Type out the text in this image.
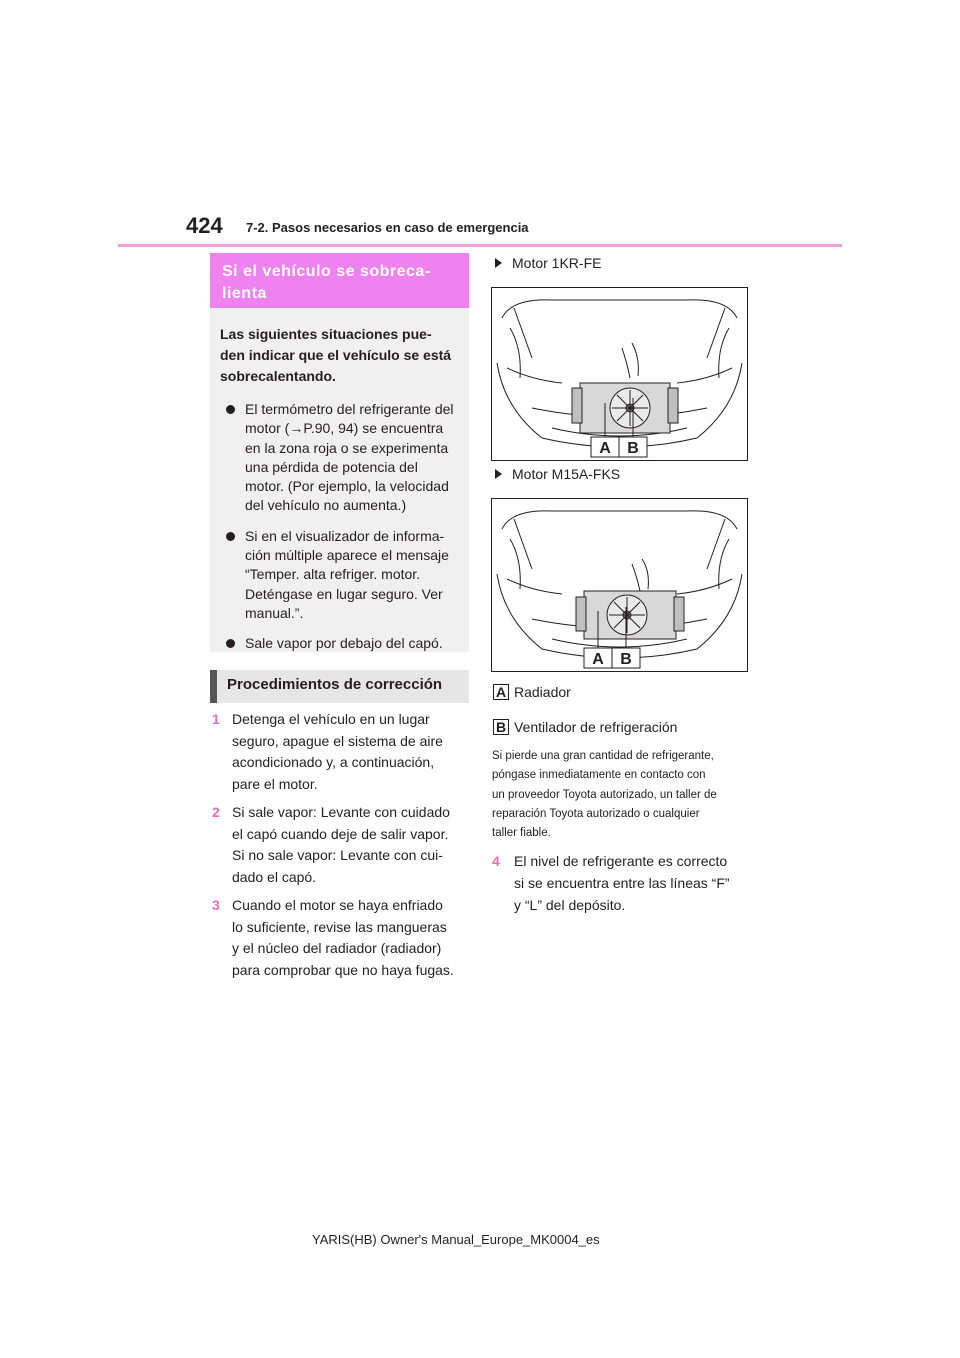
424 7-2. Pasos necesarios en caso de emergencia
Si el vehículo se sobreca-
lienta
Las siguientes situaciones pue-
den indicar que el vehículo se está
sobrecalentando.
El termómetro del refrigerante del
motor (→P.90, 94) se encuentra
en la zona roja o se experimenta
una pérdida de potencia del
motor. (Por ejemplo, la velocidad
del vehículo no aumenta.)
Si en el visualizador de informa-
ción múltiple aparece el mensaje
“Temper. alta refriger. motor.
Deténgase en lugar seguro. Ver
manual.”.
Sale vapor por debajo del capó.
Procedimientos de corrección
1 Detenga el vehículo en un lugar
seguro, apague el sistema de aire
acondicionado y, a continuación,
pare el motor.
2 Si sale vapor: Levante con cuidado
el capó cuando deje de salir vapor.
Si no sale vapor: Levante con cui-
dado el capó.
3 Cuando el motor se haya enfriado
lo suficiente, revise las mangueras
y el núcleo del radiador (radiador)
para comprobar que no haya fugas.
Motor 1KR-FE
A B
Motor M15A-FKS
A B
A Radiador
B Ventilador de refrigeración
Si pierde una gran cantidad de refrigerante,
póngase inmediatamente en contacto con
un proveedor Toyota autorizado, un taller de
reparación Toyota autorizado o cualquier
taller fiable.
4	El nivel de refrigerante es correcto
si se encuentra entre las líneas “F”
y “L” del depósito.
YARIS(HB) Owner's Manual_Europe_MK0004_es
